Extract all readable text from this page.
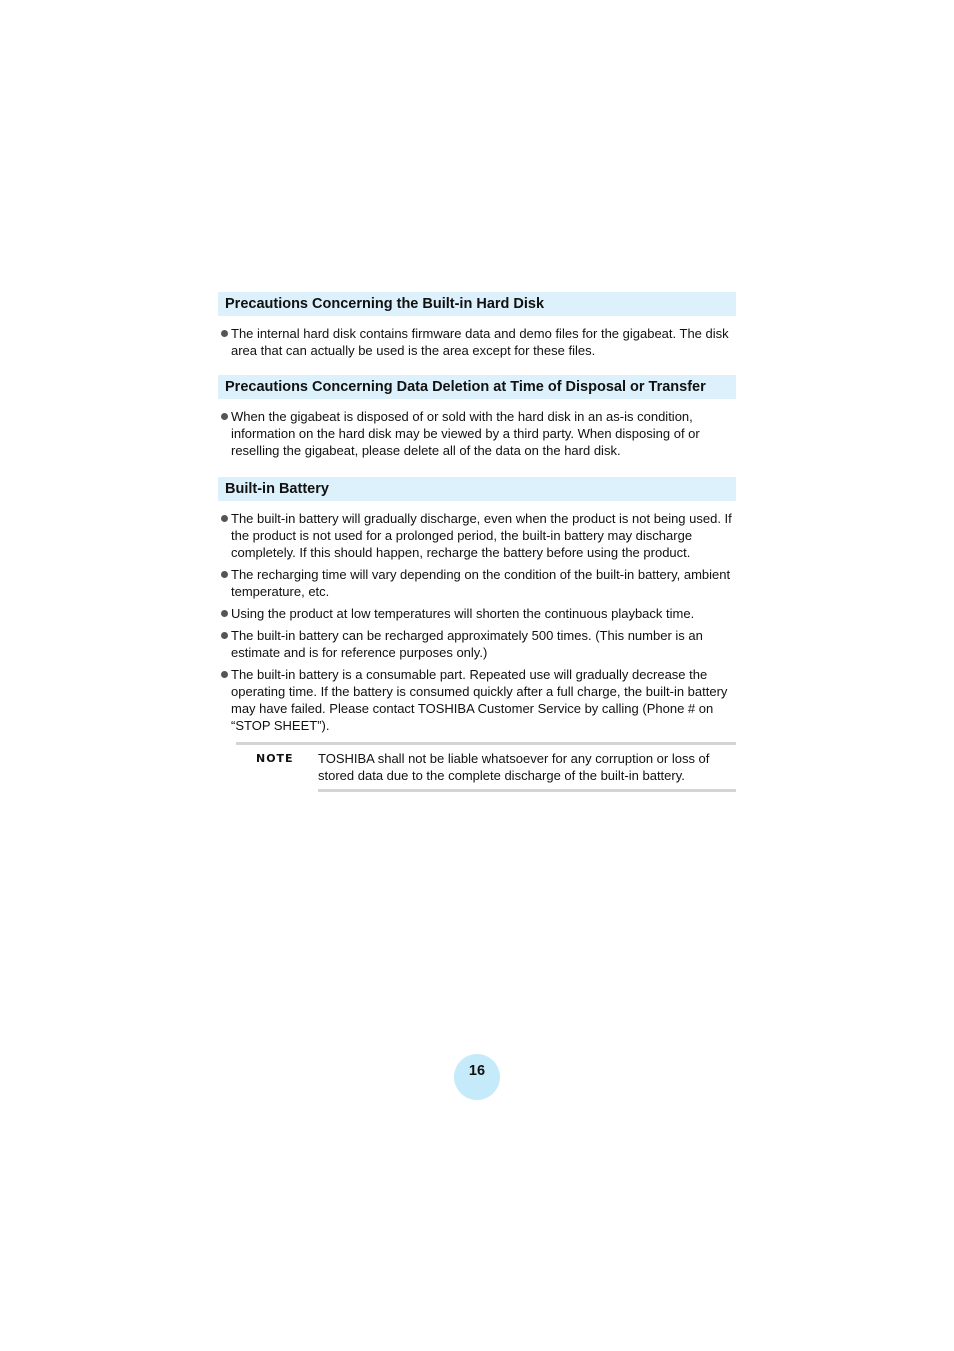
Precautions Concerning the Built-in Hard Disk
The internal hard disk contains firmware data and demo files for the gigabeat. The disk area that can actually be used is the area except for these files.
Precautions Concerning Data Deletion at Time of Disposal or Transfer
When the gigabeat is disposed of or sold with the hard disk in an as-is condition, information on the hard disk may be viewed by a third party. When disposing of or reselling the gigabeat, please delete all of the data on the hard disk.
Built-in Battery
The built-in battery will gradually discharge, even when the product is not being used. If the product is not used for a prolonged period, the built-in battery may discharge completely. If this should happen, recharge the battery before using the product.
The recharging time will vary depending on the condition of the built-in battery, ambient temperature, etc.
Using the product at low temperatures will shorten the continuous playback time.
The built-in battery can be recharged approximately 500 times. (This number is an estimate and is for reference purposes only.)
The built-in battery is a consumable part. Repeated use will gradually decrease the operating time. If the battery is consumed quickly after a full charge, the built-in battery may have failed. Please contact TOSHIBA Customer Service by calling (Phone # on “STOP SHEET”).
NOTE TOSHIBA shall not be liable whatsoever for any corruption or loss of stored data due to the complete discharge of the built-in battery.
16
